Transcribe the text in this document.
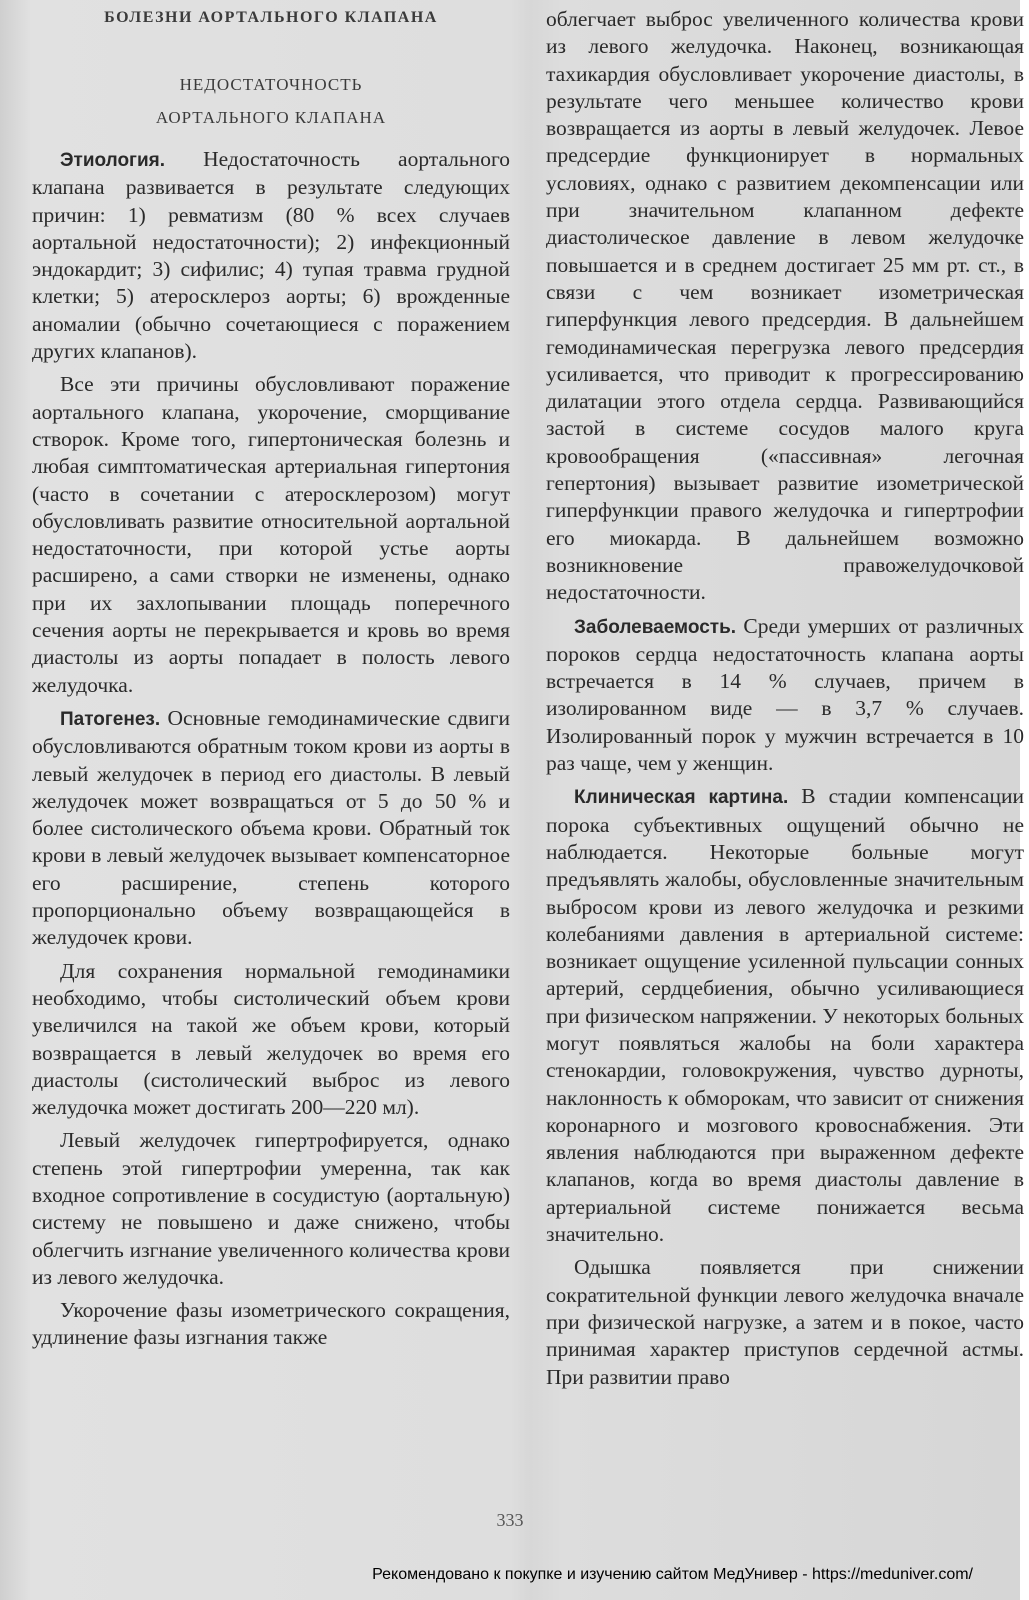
БОЛЕЗНИ АОРТАЛЬНОГО КЛАПАНА
НЕДОСТАТОЧНОСТЬ
АОРТАЛЬНОГО КЛАПАНА

Этиология. Недостаточность аортального клапана развивается в результате следующих причин: 1) ревматизм (80 % всех случаев аортальной недостаточности); 2) инфекционный эндокардит; 3) сифилис; 4) тупая травма грудной клетки; 5) атеросклероз аорты; 6) врожденные аномалии (обычно сочетающиеся с поражением других клапанов).

Все эти причины обусловливают поражение аортального клапана, укорочение, сморщивание створок. Кроме того, гипертоническая болезнь и любая симптоматическая артериальная гипертония (часто в сочетании с атеросклерозом) могут обусловливать развитие относительной аортальной недостаточности, при которой устье аорты расширено, а сами створки не изменены, однако при их захлопывании площадь поперечного сечения аорты не перекрывается и кровь во время диастолы из аорты попадает в полость левого желудочка.

Патогенез. Основные гемодинамические сдвиги обусловливаются обратным током крови из аорты в левый желудочек в период его диастолы. В левый желудочек может возвращаться от 5 до 50 % и более систолического объема крови. Обратный ток крови в левый желудочек вызывает компенсаторное его расширение, степень которого пропорционально объему возвращающейся в желудочек крови.

Для сохранения нормальной гемодинамики необходимо, чтобы систолический объем крови увеличился на такой же объем крови, который возвращается в левый желудочек во время его диастолы (систолический выброс из левого желудочка может достигать 200—220 мл).

Левый желудочек гипертрофируется, однако степень этой гипертрофии умеренна, так как входное сопротивление в сосудистую (аортальную) систему не повышено и даже снижено, чтобы облегчить изгнание увеличенного количества крови из левого желудочка.

Укорочение фазы изометрического сокращения, удлинение фазы изгнания также

облегчает выброс увеличенного количества крови из левого желудочка. Наконец, возникающая тахикардия обусловливает укорочение диастолы, в результате чего меньшее количество крови возвращается из аорты в левый желудочек. Левое предсердие функционирует в нормальных условиях, однако с развитием декомпенсации или при значительном клапанном дефекте диастолическое давление в левом желудочке повышается и в среднем достигает 25 мм рт. ст., в связи с чем возникает изометрическая гиперфункция левого предсердия. В дальнейшем гемодинамическая перегрузка левого предсердия усиливается, что приводит к прогрессированию дилатации этого отдела сердца. Развивающийся застой в системе сосудов малого круга кровообращения («пассивная» легочная гепертония) вызывает развитие изометрической гиперфункции правого желудочка и гипертрофии его миокарда. В дальнейшем возможно возникновение правожелудочковой недостаточности.

Заболеваемость. Среди умерших от различных пороков сердца недостаточность клапана аорты встречается в 14 % случаев, причем в изолированном виде — в 3,7 % случаев. Изолированный порок у мужчин встречается в 10 раз чаще, чем у женщин.

Клиническая картина. В стадии компенсации порока субъективных ощущений обычно не наблюдается. Некоторые больные могут предъявлять жалобы, обусловленные значительным выбросом крови из левого желудочка и резкими колебаниями давления в артериальной системе: возникает ощущение усиленной пульсации сонных артерий, сердцебиения, обычно усиливающиеся при физическом напряжении. У некоторых больных могут появляться жалобы на боли характера стенокардии, головокружения, чувство дурноты, наклонность к обморокам, что зависит от снижения коронарного и мозгового кровоснабжения. Эти явления наблюдаются при выраженном дефекте клапанов, когда во время диастолы давление в артериальной системе понижается весьма значительно.

Одышка появляется при снижении сократительной функции левого желудочка вначале при физической нагрузке, а затем и в покое, часто принимая характер приступов сердечной астмы. При развитии право

333
Рекомендовано к покупке и изучению сайтом МедУнивер - https://meduniver.com/
